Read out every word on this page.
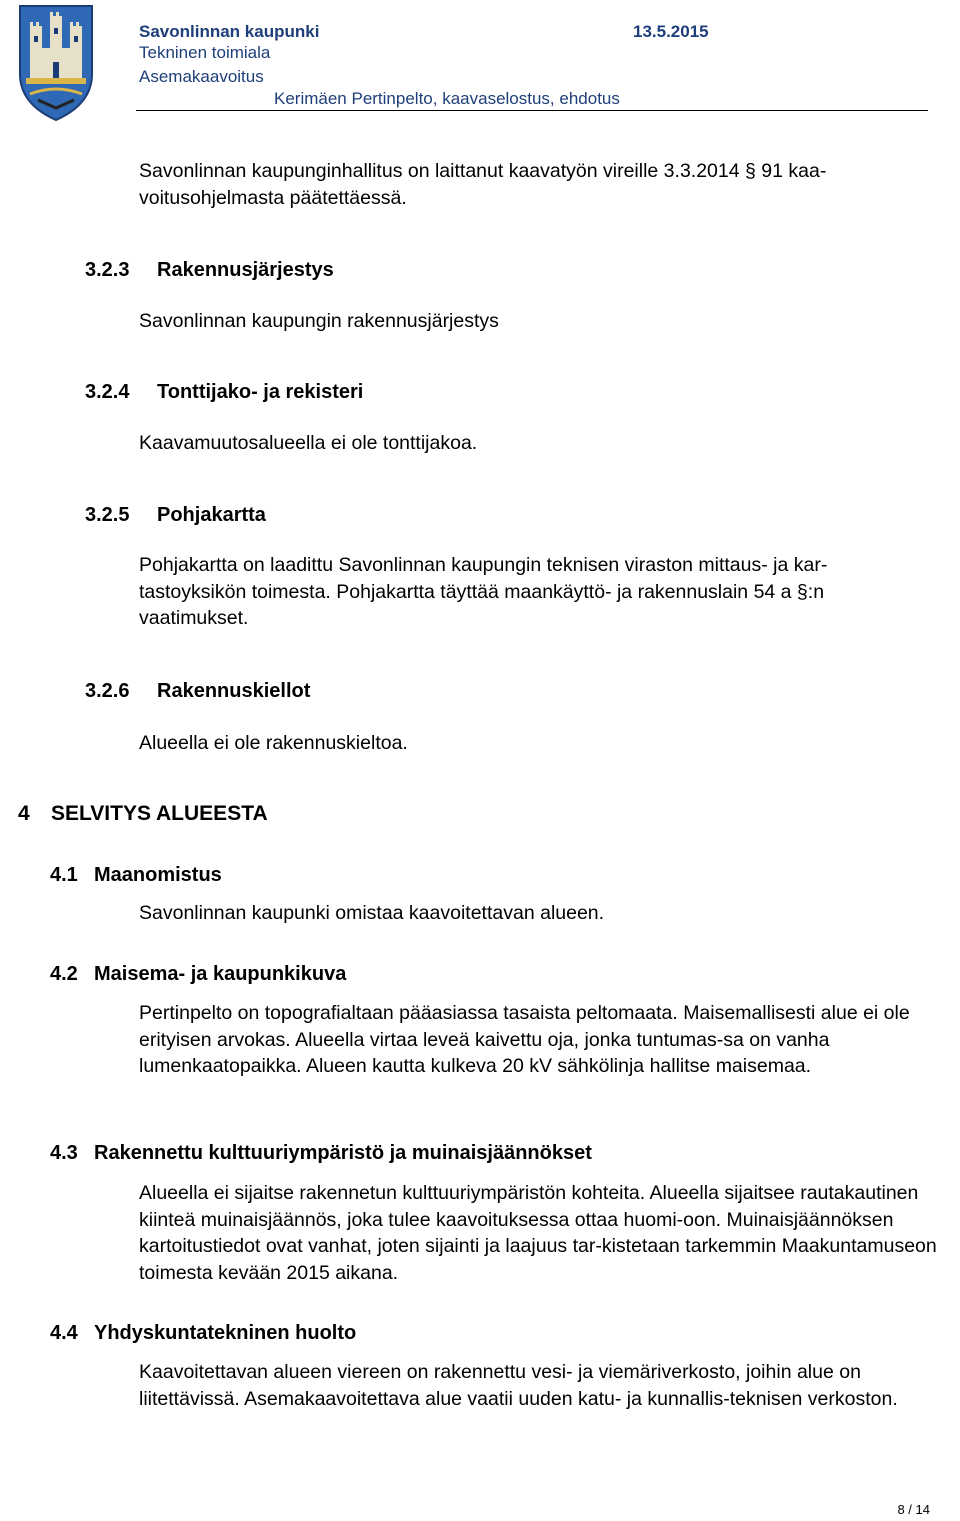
Savonlinnan kaupunki	13.5.2015
Tekninen toimiala
Asemakaavoitus
Kerimäen Pertinpelto, kaavaselostus, ehdotus
Savonlinnan kaupunginhallitus on laittanut kaavatyön vireille 3.3.2014 § 91 kaa-voitusohjelmasta päätettäessä.
3.2.3 Rakennusjärjestys
Savonlinnan kaupungin rakennusjärjestys
3.2.4 Tonttijako- ja rekisteri
Kaavamuutosalueella ei ole tonttijakoa.
3.2.5 Pohjakartta
Pohjakartta on laadittu Savonlinnan kaupungin teknisen viraston mittaus- ja kar-tastoyksikön toimesta. Pohjakartta täyttää maankäyttö- ja rakennuslain 54 a §:n vaatimukset.
3.2.6 Rakennuskiellot
Alueella ei ole rakennuskieltoa.
4 SELVITYS ALUEESTA
4.1 Maanomistus
Savonlinnan kaupunki omistaa kaavoitettavan alueen.
4.2 Maisema- ja kaupunkikuva
Pertinpelto on topografialtaan pääasiassa tasaista peltomaata. Maisemallisesti alue ei ole erityisen arvokas. Alueella virtaa leveä kaivettu oja, jonka tuntumas-sa on vanha lumenkaatopaikka. Alueen kautta kulkeva 20 kV sähkölinja hallitse maisemaa.
4.3 Rakennettu kulttuuriympäristö ja muinaisjäännökset
Alueella ei sijaitse rakennetun kulttuuriympäristön kohteita. Alueella sijaitsee rautakautinen kiinteä muinaisjäännös, joka tulee kaavoituksessa ottaa huomi-oon. Muinaisjäännöksen kartoitustiedot ovat vanhat, joten sijainti ja laajuus tar-kistetaan tarkemmin Maakuntamuseon toimesta kevään 2015 aikana.
4.4 Yhdyskuntatekninen huolto
Kaavoitettavan alueen viereen on rakennettu vesi- ja viemäriverkosto, joihin alue on liitettävissä. Asemakaavoitettava alue vaatii uuden katu- ja kunnallis-teknisen verkoston.
8 / 14
